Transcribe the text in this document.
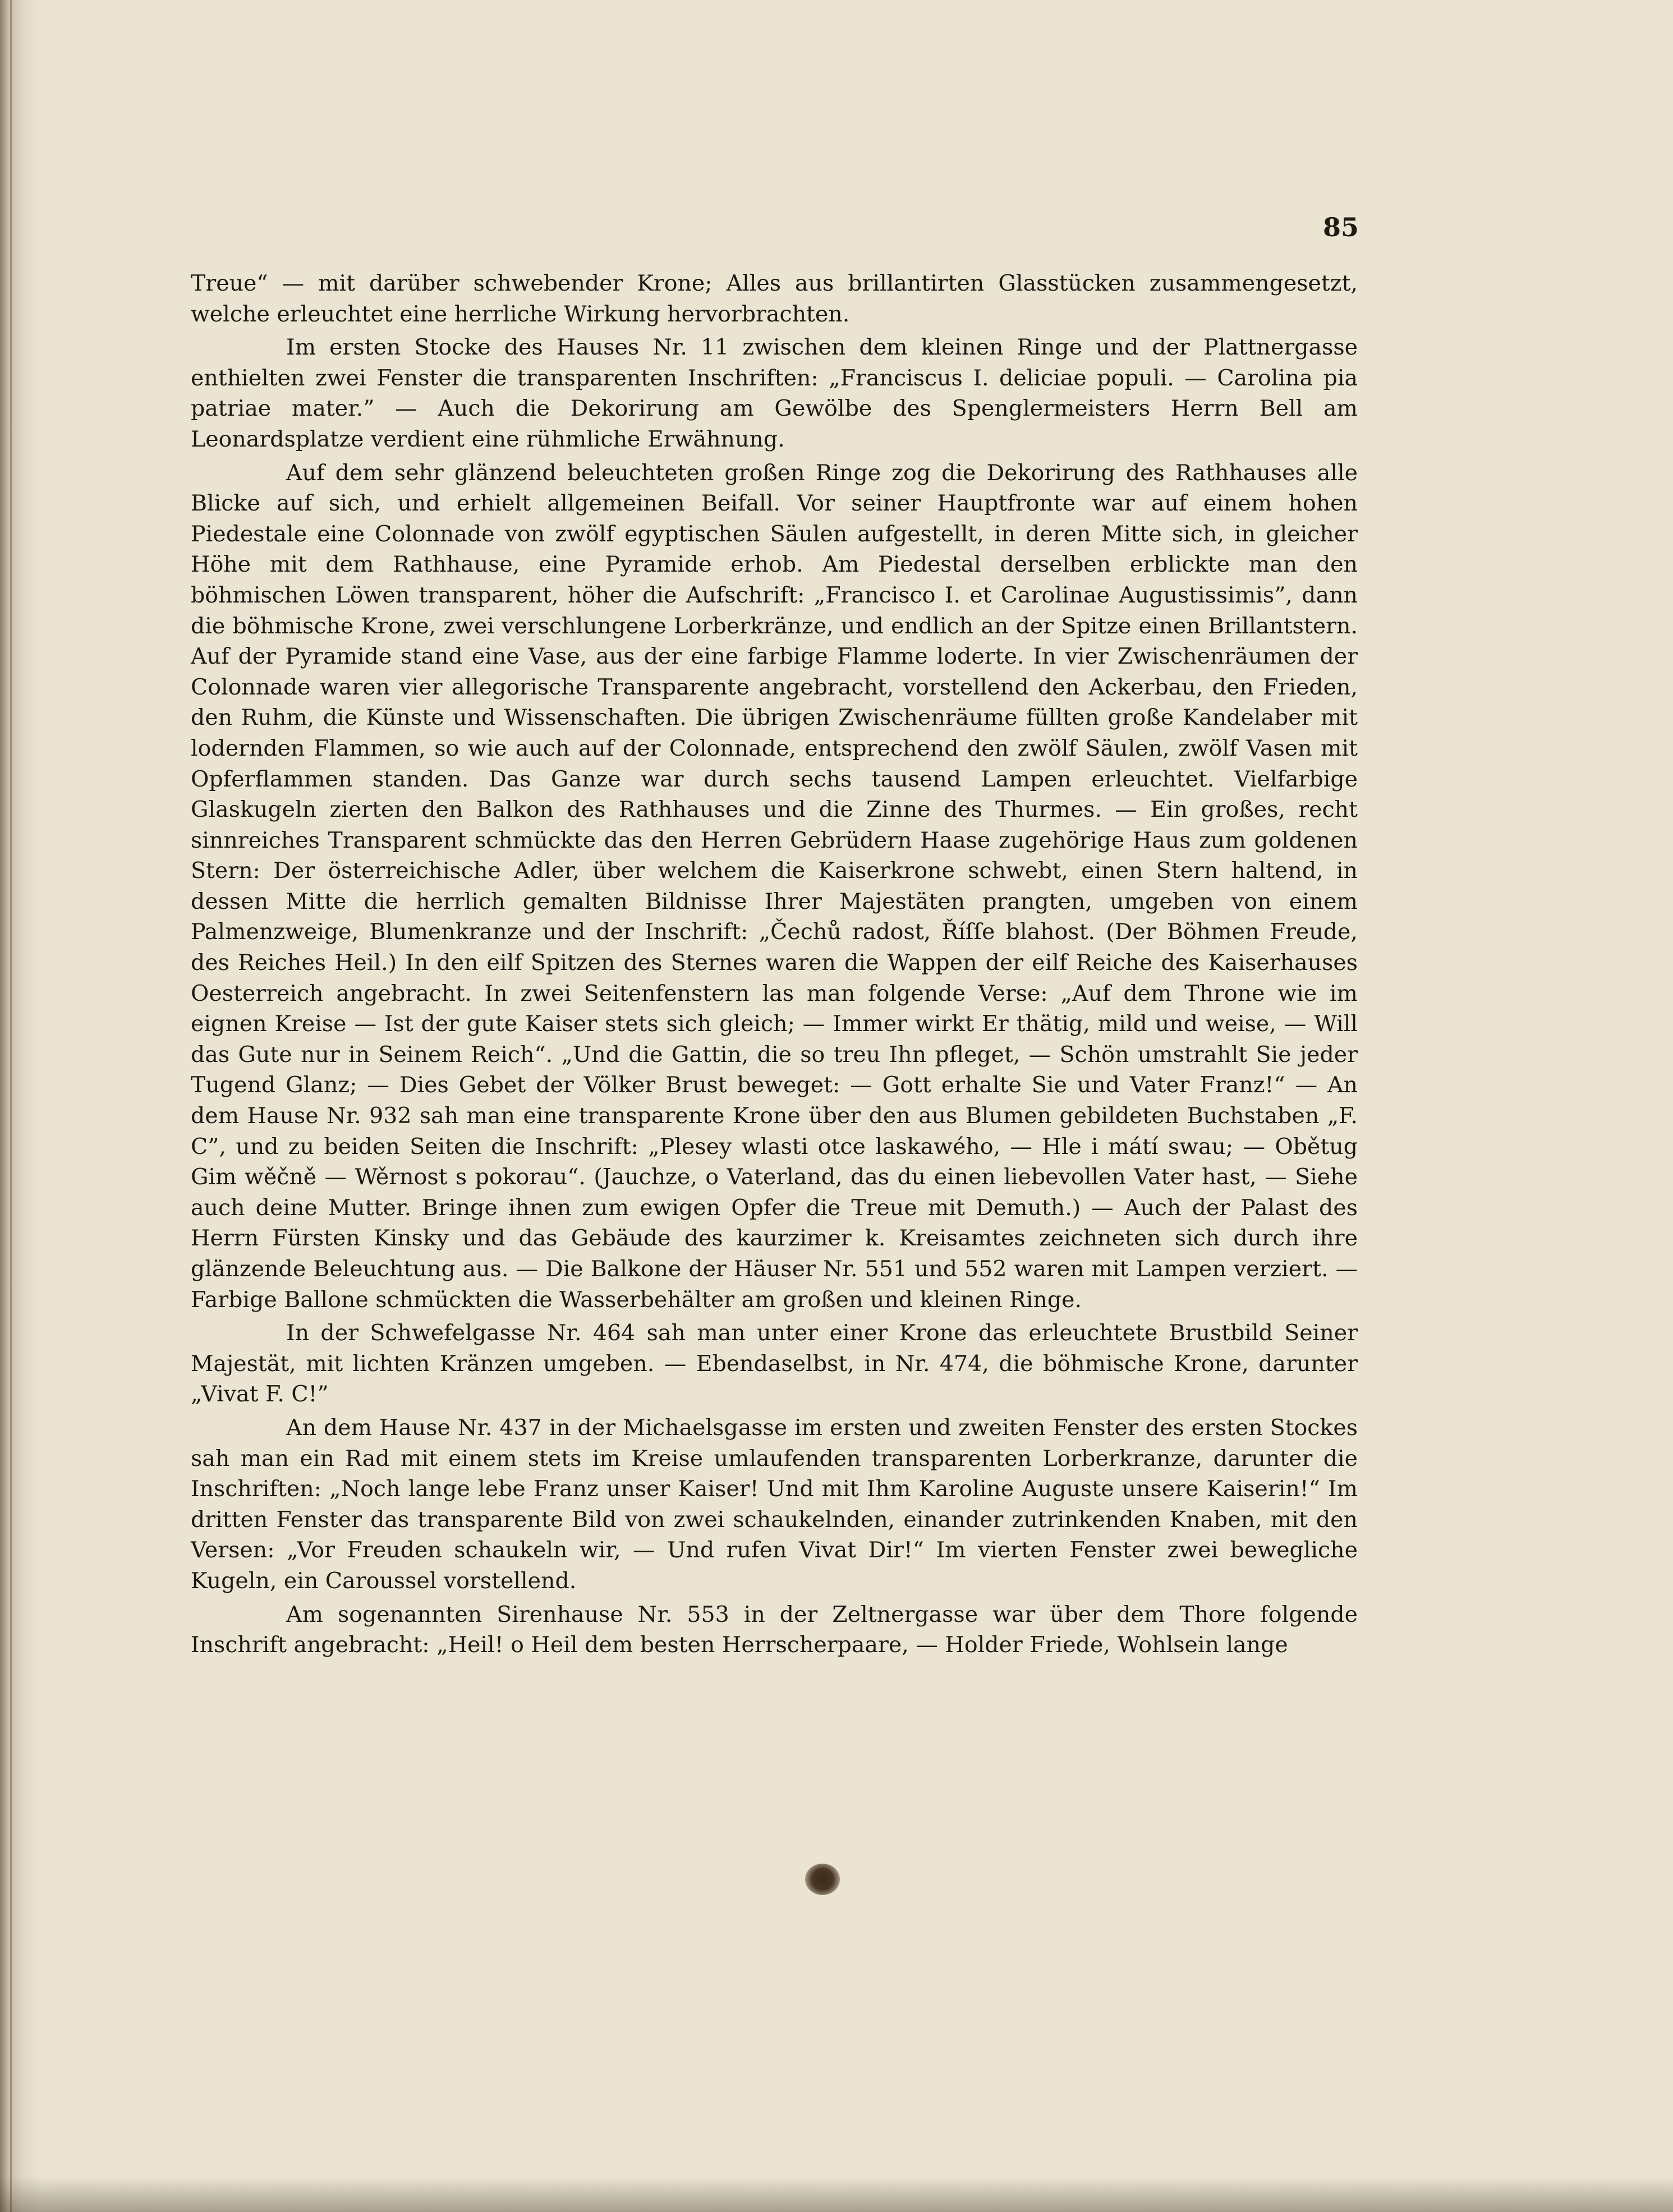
85

Treue“ — mit darüber schwebender Krone; Alles aus brillantirten Glasstücken zusammengesetzt, welche erleuchtet eine herrliche Wirkung hervorbrachten.

Im ersten Stocke des Hauses Nr. 11 zwischen dem kleinen Ringe und der Plattnergasse enthielten zwei Fenster die transparenten Inschriften: „Franciscus I. deliciae populi. — Carolina pia patriae mater.” — Auch die Dekorirung am Gewölbe des Spenglermeisters Herrn Bell am Leonardsplatze verdient eine rühmliche Erwähnung.

Auf dem sehr glänzend beleuchteten großen Ringe zog die Dekorirung des Rathhauses alle Blicke auf sich, und erhielt allgemeinen Beifall. Vor seiner Hauptfronte war auf einem hohen Piedestale eine Colonnade von zwölf egyptischen Säulen aufgestellt, in deren Mitte sich, in gleicher Höhe mit dem Rathhause, eine Pyramide erhob. Am Piedestal derselben erblickte man den böhmischen Löwen transparent, höher die Aufschrift: „Francisco I. et Carolinae Augustissimis”, dann die böhmische Krone, zwei verschlungene Lorberkränze, und endlich an der Spitze einen Brillantstern. Auf der Pyramide stand eine Vase, aus der eine farbige Flamme loderte. In vier Zwischenräumen der Colonnade waren vier allegorische Transparente angebracht, vorstellend den Ackerbau, den Frieden, den Ruhm, die Künste und Wissenschaften. Die übrigen Zwischenräume füllten große Kandelaber mit lodernden Flammen, so wie auch auf der Colonnade, entsprechend den zwölf Säulen, zwölf Vasen mit Opferflammen standen. Das Ganze war durch sechs tausend Lampen erleuchtet. Vielfarbige Glaskugeln zierten den Balkon des Rathhauses und die Zinne des Thurmes. — Ein großes, recht sinnreiches Transparent schmückte das den Herren Gebrüdern Haase zugehörige Haus zum goldenen Stern: Der österreichische Adler, über welchem die Kaiserkrone schwebt, einen Stern haltend, in dessen Mitte die herrlich gemalten Bildnisse Ihrer Majestäten prangten, umgeben von einem Palmenzweige, Blumenkranze und der Inschrift: „Čechů radost, Říſſe blahost. (Der Böhmen Freude, des Reiches Heil.) In den eilf Spitzen des Sternes waren die Wappen der eilf Reiche des Kaiserhauses Oesterreich angebracht. In zwei Seitenfenstern las man folgende Verse: „Auf dem Throne wie im eignen Kreise — Ist der gute Kaiser stets sich gleich; — Immer wirkt Er thätig, mild und weise, — Will das Gute nur in Seinem Reich“. „Und die Gattin, die so treu Ihn pfleget, — Schön umstrahlt Sie jeder Tugend Glanz; — Dies Gebet der Völker Brust beweget: — Gott erhalte Sie und Vater Franz!“ — An dem Hause Nr. 932 sah man eine transparente Krone über den aus Blumen gebildeten Buchstaben „F. C”, und zu beiden Seiten die Inschrift: „Plesey wlasti otce laskawého, — Hle i mátí swau; — Obětug Gim wěčně — Wěrnost s pokorau“. (Jauchze, o Vaterland, das du einen liebevollen Vater hast, — Siehe auch deine Mutter. Bringe ihnen zum ewigen Opfer die Treue mit Demuth.) — Auch der Palast des Herrn Fürsten Kinsky und das Gebäude des kaurzimer k. Kreisamtes zeichneten sich durch ihre glänzende Beleuchtung aus. — Die Balkone der Häuser Nr. 551 und 552 waren mit Lampen verziert. — Farbige Ballone schmückten die Wasserbehälter am großen und kleinen Ringe.

In der Schwefelgasse Nr. 464 sah man unter einer Krone das erleuchtete Brustbild Seiner Majestät, mit lichten Kränzen umgeben. — Ebendaselbst, in Nr. 474, die böhmische Krone, darunter „Vivat F. C!”

An dem Hause Nr. 437 in der Michaelsgasse im ersten und zweiten Fenster des ersten Stockes sah man ein Rad mit einem stets im Kreise umlaufenden transparenten Lorberkranze, darunter die Inschriften: „Noch lange lebe Franz unser Kaiser! Und mit Ihm Karoline Auguste unsere Kaiserin!“ Im dritten Fenster das transparente Bild von zwei schaukelnden, einander zutrinkenden Knaben, mit den Versen: „Vor Freuden schaukeln wir, — Und rufen Vivat Dir!“ Im vierten Fenster zwei bewegliche Kugeln, ein Caroussel vorstellend.

Am sogenannten Sirenhause Nr. 553 in der Zeltnergasse war über dem Thore folgende Inschrift angebracht: „Heil! o Heil dem besten Herrscherpaare, — Holder Friede, Wohlsein lange
